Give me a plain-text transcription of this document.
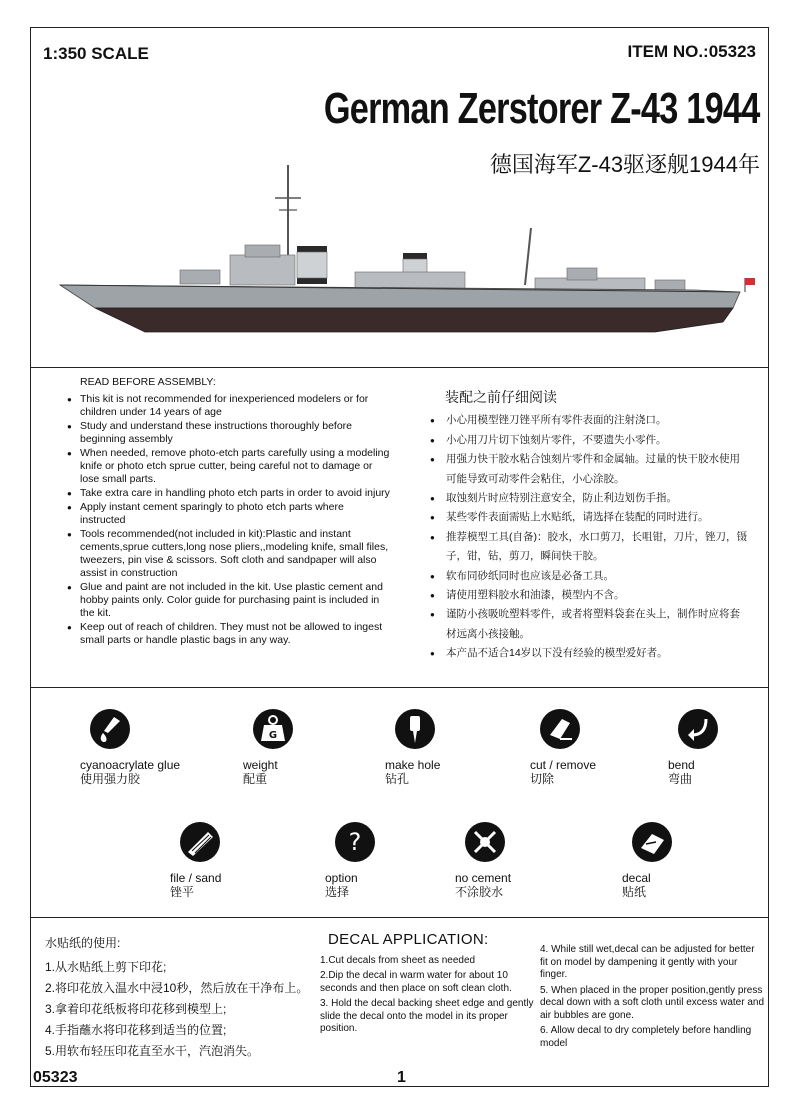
1:350 SCALE	ITEM NO.:05323
German Zerstorer Z-43 1944
德国海军Z-43驱逐舰1944年
READ BEFORE ASSEMBLY:
● This kit is not recommended for inexperienced modelers or for children under 14 years of age
● Study and understand these instructions thoroughly before beginning assembly
● When needed, remove photo-etch parts carefully using a modeling knife or photo etch sprue cutter, being careful not to damage or lose small parts.
● Take extra care in handling photo etch parts in order to avoid injury
● Apply instant cement sparingly to photo etch parts where instructed
● Tools recommended(not included in kit):Plastic and instant cements,sprue cutters,long nose pliers,,modeling knife, small files, tweezers, pin vise & scissors. Soft cloth and sandpaper will also assist in construction
● Glue and paint are not included in the kit. Use plastic cement and hobby paints only. Color guide for purchasing paint is included in the kit.
● Keep out of reach of children. They must not be allowed to ingest small parts or handle plastic bags in any way.
装配之前仔细阅读
● 小心用模型锉刀锉平所有零件表面的注射浇口。
● 小心用刀片切下蚀刻片零件，不要遗失小零件。
● 用强力快干胶水粘合蚀刻片零件和金属轴。过量的快干胶水使用可能导致可动零件会粘住，小心涂胶。
● 取蚀刻片时应特别注意安全，防止利边划伤手指。
● 某些零件表面需贴上水贴纸，请选择在装配的同时进行。
● 推荐模型工具(自备)：胶水，水口剪刀，长咀钳，刀片，锉刀，镊子，钳，钻，剪刀，瞬间快干胶。
● 软布同砂纸同时也应该是必备工具。
● 请使用塑料胶水和油漆，模型内不含。
● 谨防小孩吸吮塑料零件，或者将塑料袋套在头上，制作时应将套材远离小孩接触。
● 本产品不适合14岁以下没有经验的模型爱好者。
cyanoacrylate glue
使用强力胶
G
weight
配重
make hole
钻孔
cut / remove
切除
bend
弯曲
file / sand
锉平
?
option
选择
no cement
不涂胶水
decal
贴纸
水贴纸的使用:
1.从水贴纸上剪下印花;
2.将印花放入温水中浸10秒，然后放在干净布上。
3.拿着印花纸板将印花移到模型上;
4.手指蘸水将印花移到适当的位置;
5.用软布轻压印花直至水干，汽泡消失。
DECAL APPLICATION:

1.Cut decals from sheet as needed

2.Dip the decal in warm water for about 10 seconds and then place on soft clean cloth.

3. Hold the decal backing sheet edge and gently slide the decal onto the model in its proper position.

4. While still wet,decal can be adjusted for better fit on model by dampening it gently with your finger.

5. When placed in the proper position,gently press decal down with a soft cloth until excess water and air bubbles are gone.

6. Allow decal to dry completely before handling model

05323	1
